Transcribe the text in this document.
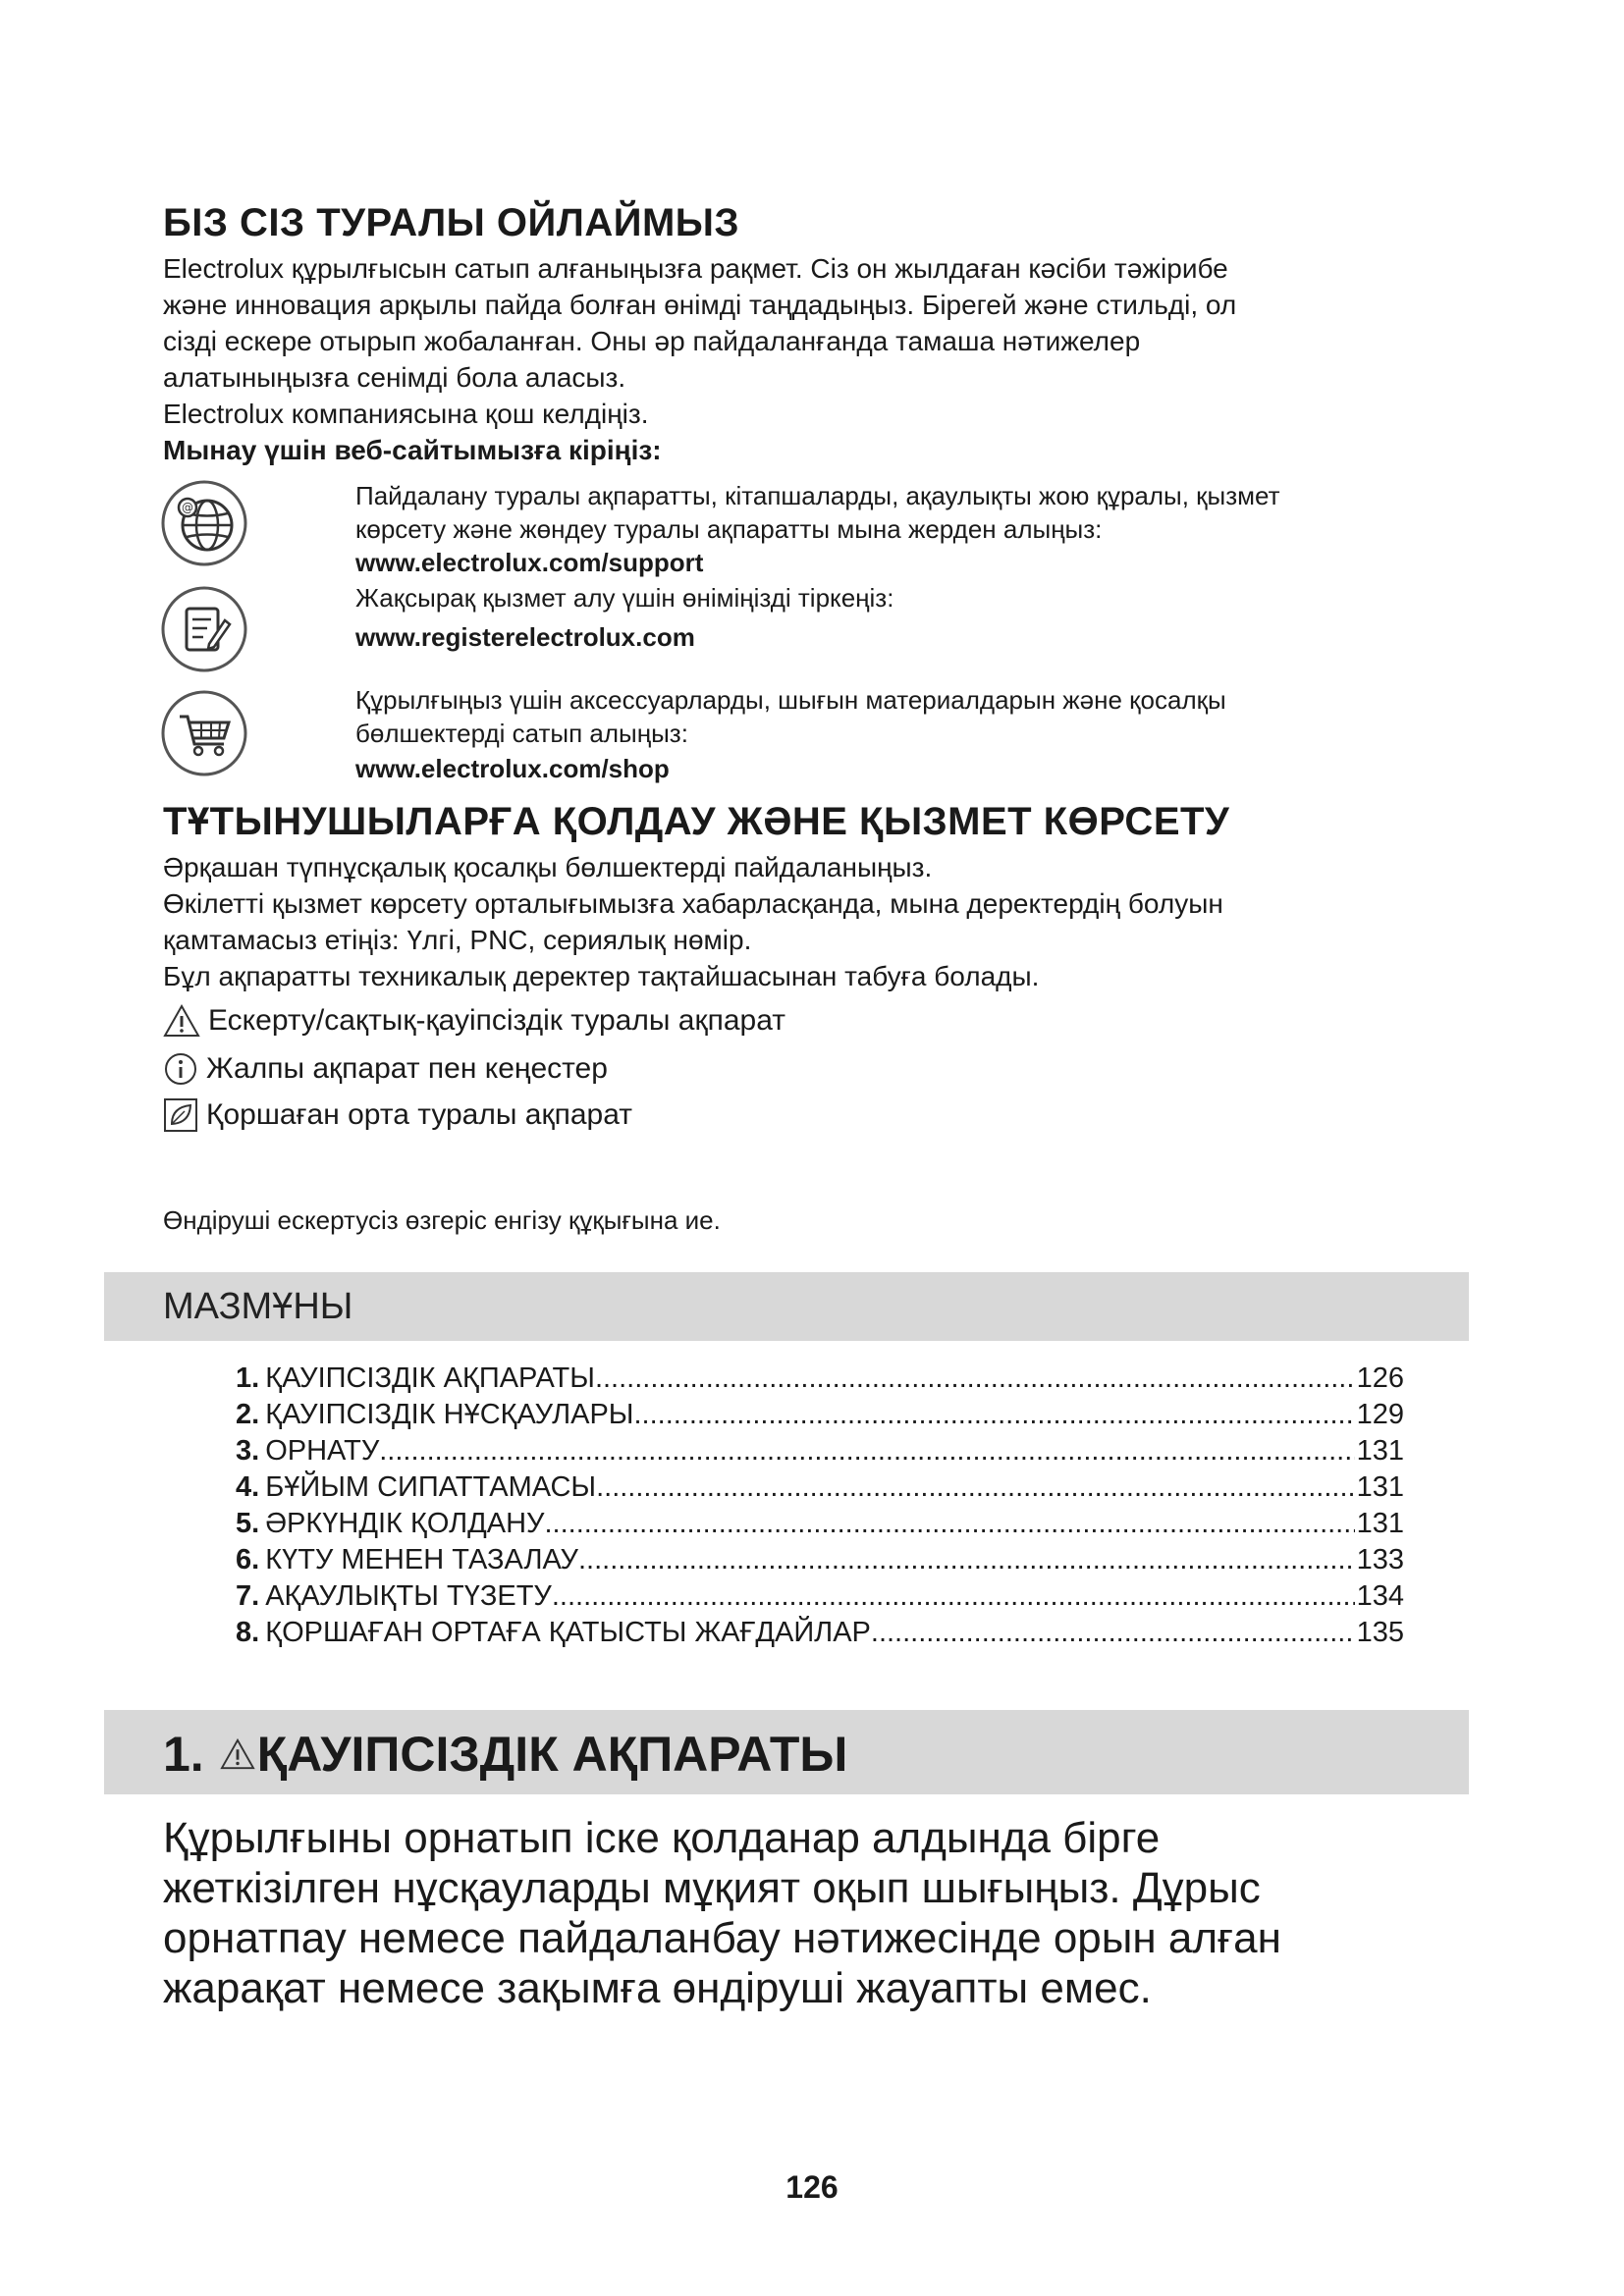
БІЗ СІЗ ТУРАЛЫ ОЙЛАЙМЫЗ
Electrolux құрылғысын сатып алғаныңызға рақмет. Сіз он жылдаған кәсіби тәжірибе
және инновация арқылы пайда болған өнімді таңдадыңыз. Бірегей және стильді, ол
сізді ескере отырып жобаланған. Оны әр пайдаланғанда тамаша нәтижелер
алатыныңызға сенімді бола алаcыз.
Electrolux компаниясына қош келдіңіз.
Мынау үшін веб-сайтымызға кіріңіз:
@	Пайдалану туралы ақпаратты, кітапшаларды, ақаулықты жою құралы, қызмет
көрсету және жөндеу туралы ақпаратты мына жерден алыңыз:
www.electrolux.com/support
Жақсырақ қызмет алу үшін өніміңізді тіркеңіз:
www.registerelectrolux.com
Құрылғыңыз үшін аксессуарларды, шығын материалдарын және қосалқы
бөлшектерді сатып алыңыз:
www.electrolux.com/shop
ТҰТЫНУШЫЛАРҒА ҚОЛДАУ ЖӘНЕ ҚЫЗМЕТ КӨРСЕТУ
Әрқашан түпнұсқалық қосалқы бөлшектерді пайдаланыңыз.
Өкілетті қызмет көрсету орталығымызға хабарласқанда, мына деректердің болуын
қамтамасыз етіңіз: Үлгі, PNC, сериялық нөмір.
Бұл ақпаратты техникалық деректер тақтайшасынан табуға болады.
Ескерту/сақтық-қауіпсіздік туралы ақпарат
Жалпы ақпарат пен кеңестер
Қоршаған орта туралы ақпарат
Өндіруші ескертусіз өзгеріс енгізу құқығына ие.
МАЗМҰНЫ
1. ҚАУІПСІЗДІК АҚПАРАТЫ .....	126
2. ҚАУІПСІЗДІК НҰСҚАУЛАРЫ .....	129
3. ОРНАТУ .....	131
4. БҰЙЫМ СИПАТТАМАСЫ .....	131
5. ӘРКҮНДІК ҚОЛДАНУ .....	131
6. КҮТУ МЕНЕН ТАЗАЛАУ .....	133
7. АҚАУЛЫҚТЫ ТҮЗЕТУ .....	134
8. ҚОРШАҒАН ОРТАҒА ҚАТЫСТЫ ЖАҒДАЙЛАР .....	135
1. ҚАУІПСІЗДІК АҚПАРАТЫ
Құрылғыны орнатып іске қолданар алдында бірге
жеткізілген нұсқауларды мұқият оқып шығыңыз. Дұрыс
орнатпау немесе пайдаланбау нәтижесінде орын алған
жарақат немесе зақымға өндіруші жауапты емес.
126
